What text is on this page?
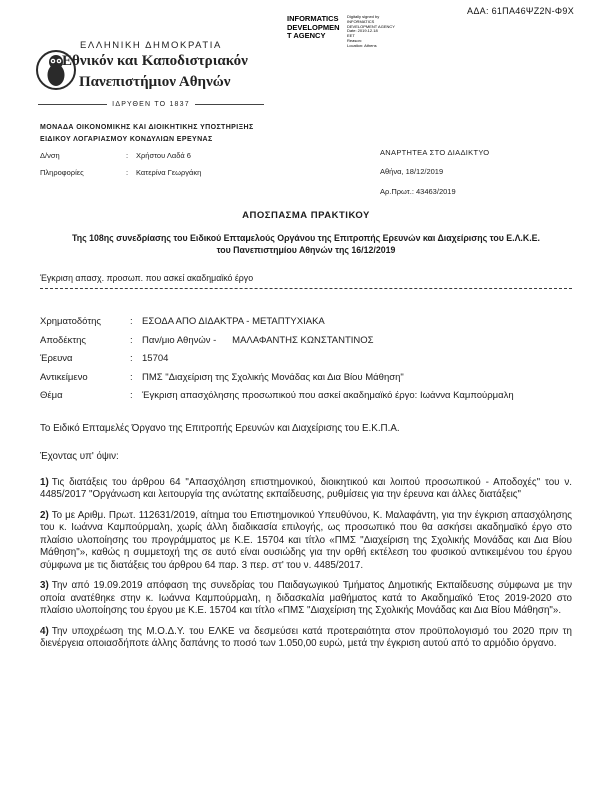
ΑΔΑ: 61ΠΑ46ΨΖ2Ν-Φ9Χ
INFORMATICS DEVELOPMENT AGENCY
Digitally signed by
INFORMATICS
DEVELOPMENT AGENCY
Date: 2019.12.18
EET
Reason:
Location: Athens
ΕΛΛΗΝΙΚΗ ΔΗΜΟΚΡΑΤΙΑ
Εθνικόν και Καποδιστριακόν
Πανεπιστήμιον Αθηνών
ΙΔΡΥΘΕΝ ΤΟ 1837
ΜΟΝΑΔΑ ΟΙΚΟΝΟΜΙΚΗΣ ΚΑΙ ΔΙΟΙΚΗΤΙΚΗΣ ΥΠΟΣΤΗΡΙΞΗΣ
ΕΙΔΙΚΟΥ ΛΟΓΑΡΙΑΣΜΟΥ ΚΟΝΔΥΛΙΩΝ ΕΡΕΥΝΑΣ
Δ/νση	:	Χρήστου Λαδά 6
Πληροφορίες	:	Κατερίνα Γεωργάκη
ΑΝΑΡΤΗΤΕΑ ΣΤΟ ΔΙΑΔΙΚΤΥΟ
Αθήνα, 18/12/2019
Αρ.Πρωτ.: 43463/2019
ΑΠΟΣΠΑΣΜΑ ΠΡΑΚΤΙΚΟΥ
Της 108ης συνεδρίασης του Ειδικού Επταμελούς Οργάνου της Επιτροπής Ερευνών και Διαχείρισης του Ε.Λ.Κ.Ε. του Πανεπιστημίου Αθηνών της 16/12/2019
Έγκριση απασχ. προσωπ. που ασκεί ακαδημαϊκό έργο
Χρηματοδότης	: ΕΣΟΔΑ ΑΠΟ ΔΙΔΑΚΤΡΑ - ΜΕΤΑΠΤΥΧΙΑΚΑ
Αποδέκτης	: Παν/μιο Αθηνών -      ΜΑΛΑΦΑΝΤΗΣ ΚΩΝΣΤΑΝΤΙΝΟΣ
Έρευνα	: 15704
Αντικείμενο	: ΠΜΣ "Διαχείριση της Σχολικής Μονάδας και Δια Βίου Μάθηση"
Θέμα	: Έγκριση απασχόλησης προσωπικού που ασκεί ακαδημαϊκό έργο: Ιωάννα Καμπούρμαλη

Το Ειδικό Επταμελές Όργανο της Επιτροπής Ερευνών και Διαχείρισης του Ε.Κ.Π.Α.

Έχοντας υπ' όψιν:

1) Τις διατάξεις του άρθρου 64 "Απασχόληση επιστημονικού, διοικητικού και λοιπού προσωπικού - Αποδοχές" του ν. 4485/2017 "Οργάνωση και λειτουργία της ανώτατης εκπαίδευσης, ρυθμίσεις για την έρευνα και άλλες διατάξεις"

2) Το με Αριθμ. Πρωτ. 112631/2019, αίτημα του Επιστημονικού Υπευθύνου, Κ. Μαλαφάντη, για την έγκριση απασχόλησης του κ. Ιωάννα Καμπούρμαλη, χωρίς άλλη διαδικασία επιλογής, ως προσωπικό που θα ασκήσει ακαδημαϊκό έργο στο πλαίσιο υλοποίησης του προγράμματος με Κ.Ε. 15704 και τίτλο «ΠΜΣ "Διαχείριση της Σχολικής Μονάδας και Δια Βίου Μάθηση"», καθώς η συμμετοχή της σε αυτό είναι ουσιώδης για την ορθή εκτέλεση του φυσικού αντικειμένου του έργου σύμφωνα με τις διατάξεις του άρθρου 64 παρ. 3 περ. στ' του ν. 4485/2017.

3) Την από 19.09.2019 απόφαση της συνεδρίας του Παιδαγωγικού Τμήματος Δημοτικής Εκπαίδευσης σύμφωνα με την οποία ανατέθηκε στην κ. Ιωάννα Καμπούρμαλη, η διδασκαλία μαθήματος κατά το Ακαδημαϊκό Έτος 2019-2020 στο πλαίσιο υλοποίησης του έργου με Κ.Ε. 15704 και τίτλο «ΠΜΣ "Διαχείριση της Σχολικής Μονάδας και Δια Βίου Μάθηση"».

4) Την υποχρέωση της Μ.Ο.Δ.Υ. του ΕΛΚΕ να δεσμεύσει κατά προτεραιότητα στον προϋπολογισμό του 2020 πριν τη διενέργεια οποιασδήποτε άλλης δαπάνης το ποσό των 1.050,00 ευρώ, μετά την έγκριση αυτού από το αρμόδιο όργανο.
